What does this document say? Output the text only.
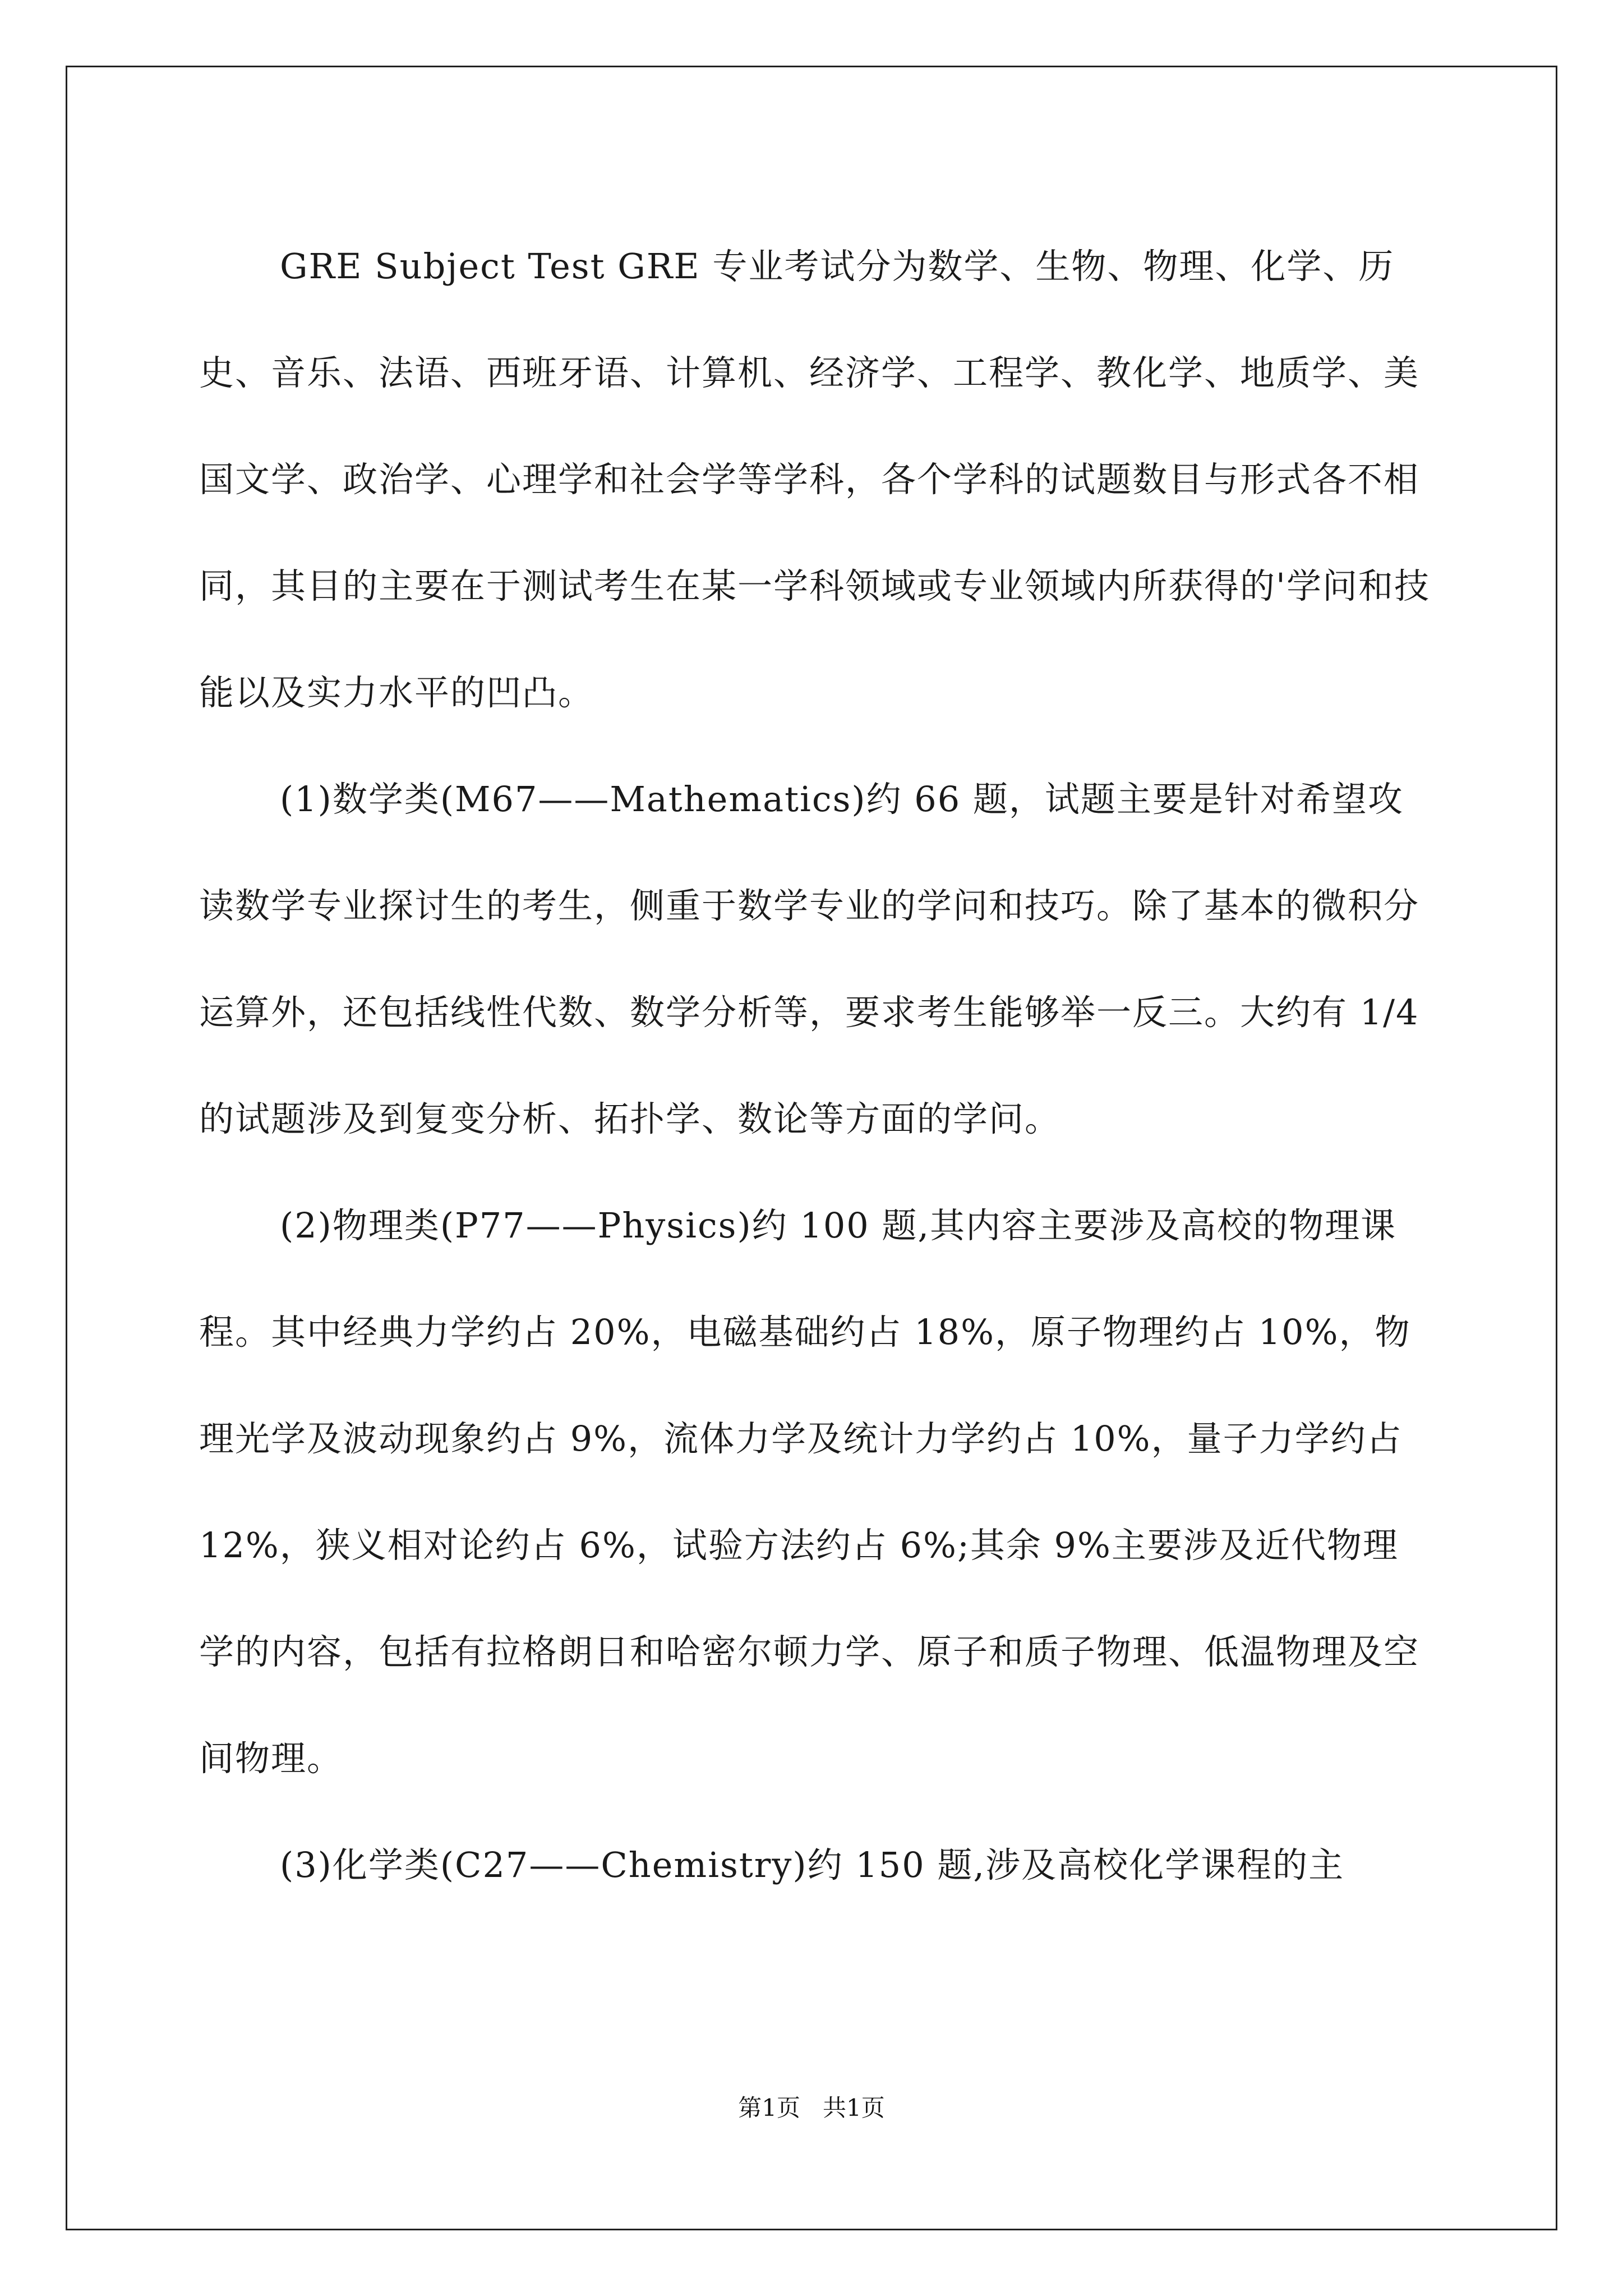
GRE Subject Test GRE 专业考试分为数学、生物、物理、化学、历史、音乐、法语、西班牙语、计算机、经济学、工程学、教化学、地质学、美国文学、政治学、心理学和社会学等学科，各个学科的试题数目与形式各不相同，其目的主要在于测试考生在某一学科领域或专业领域内所获得的'学问和技能以及实力水平的凹凸。

(1)数学类(M67——Mathematics)约 66 题，试题主要是针对希望攻读数学专业探讨生的考生，侧重于数学专业的学问和技巧。除了基本的微积分运算外，还包括线性代数、数学分析等，要求考生能够举一反三。大约有 1/4 的试题涉及到复变分析、拓扑学、数论等方面的学问。

(2)物理类(P77——Physics)约 100 题,其内容主要涉及高校的物理课程。其中经典力学约占 20%，电磁基础约占 18%，原子物理约占 10%，物理光学及波动现象约占 9%，流体力学及统计力学约占 10%，量子力学约占 12%，狭义相对论约占 6%，试验方法约占 6%;其余 9%主要涉及近代物理学的内容，包括有拉格朗日和哈密尔顿力学、原子和质子物理、低温物理及空间物理。

(3)化学类(C27——Chemistry)约 150 题,涉及高校化学课程的主

第1页 共1页
